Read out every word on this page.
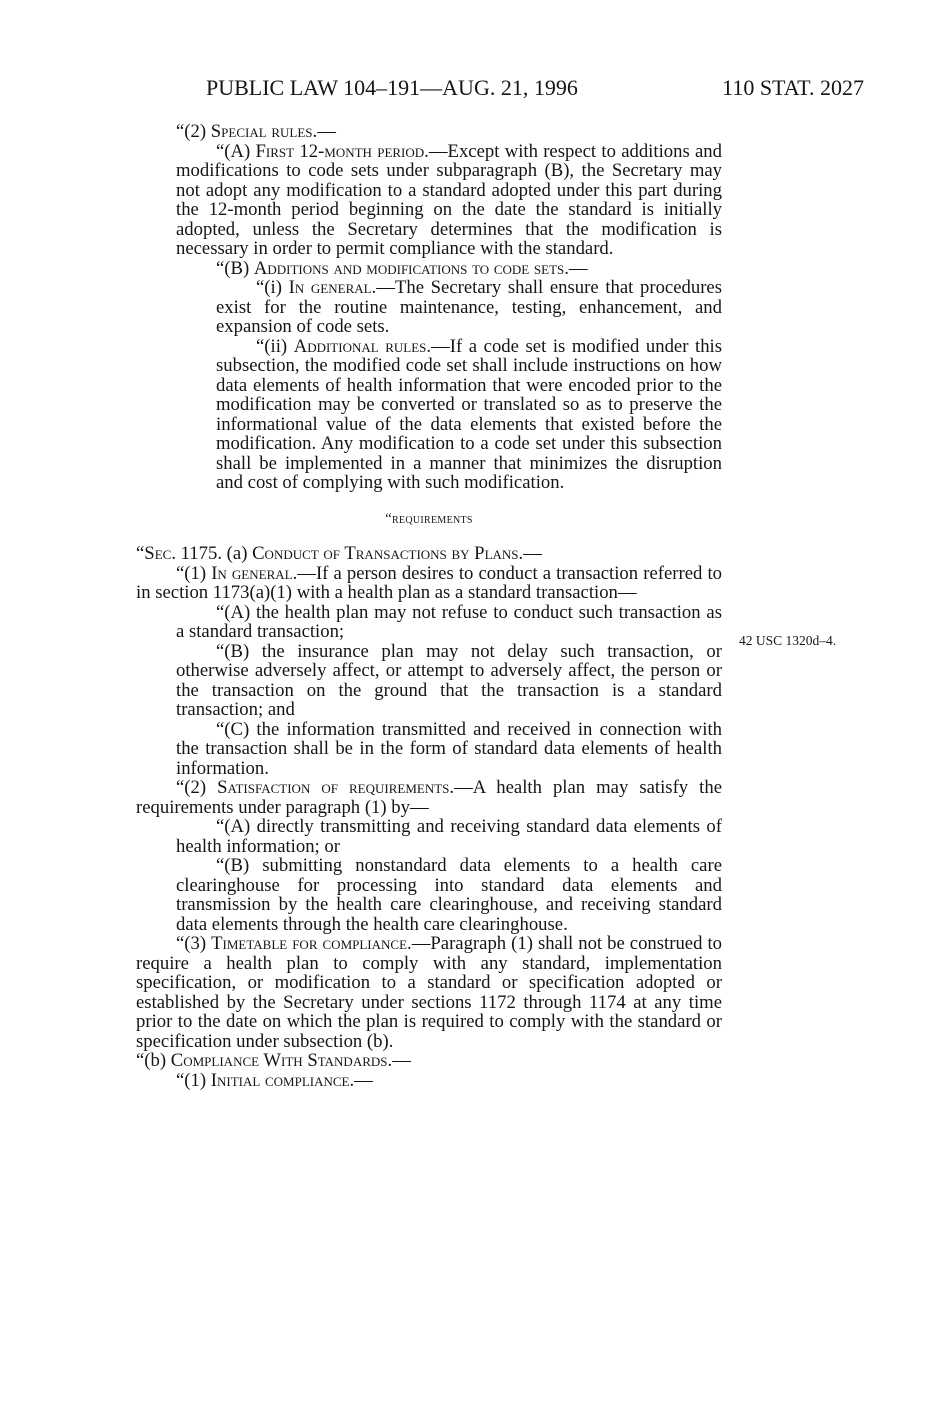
PUBLIC LAW 104–191—AUG. 21, 1996	110 STAT. 2027

“(2) Special rules.—

“(A) First 12-month period.—Except with respect to additions and modifications to code sets under subparagraph (B), the Secretary may not adopt any modification to a standard adopted under this part during the 12-month period beginning on the date the standard is initially adopted, unless the Secretary determines that the modification is necessary in order to permit compliance with the standard.

“(B) Additions and modifications to code sets.—

“(i) In general.—The Secretary shall ensure that procedures exist for the routine maintenance, testing, enhancement, and expansion of code sets.

“(ii) Additional rules.—If a code set is modified under this subsection, the modified code set shall include instructions on how data elements of health information that were encoded prior to the modification may be converted or translated so as to preserve the informational value of the data elements that existed before the modification. Any modification to a code set under this subsection shall be implemented in a manner that minimizes the disruption and cost of complying with such modification.

“requirements

“Sec. 1175. (a) Conduct of Transactions by Plans.—

“(1) In general.—If a person desires to conduct a transaction referred to in section 1173(a)(1) with a health plan as a standard transaction—

“(A) the health plan may not refuse to conduct such transaction as a standard transaction;

“(B) the insurance plan may not delay such transaction, or otherwise adversely affect, or attempt to adversely affect, the person or the transaction on the ground that the transaction is a standard transaction; and

“(C) the information transmitted and received in connection with the transaction shall be in the form of standard data elements of health information.

“(2) Satisfaction of requirements.—A health plan may satisfy the requirements under paragraph (1) by—

“(A) directly transmitting and receiving standard data elements of health information; or

“(B) submitting nonstandard data elements to a health care clearinghouse for processing into standard data elements and transmission by the health care clearinghouse, and receiving standard data elements through the health care clearinghouse.

“(3) Timetable for compliance.—Paragraph (1) shall not be construed to require a health plan to comply with any standard, implementation specification, or modification to a standard or specification adopted or established by the Secretary under sections 1172 through 1174 at any time prior to the date on which the plan is required to comply with the standard or specification under subsection (b).

“(b) Compliance With Standards.—

“(1) Initial compliance.—

42 USC 1320d–4.
